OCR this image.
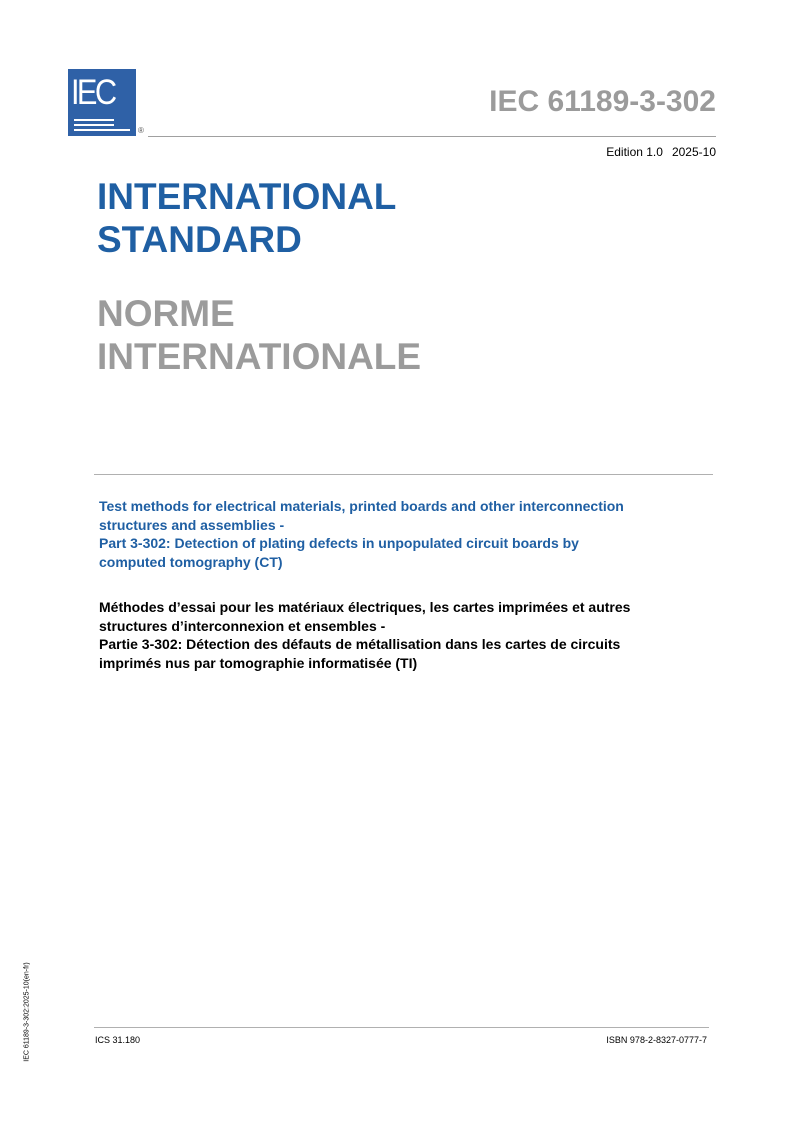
IEC
®
IEC 61189-3-302
Edition 1.0 2025-10
INTERNATIONAL
STANDARD
NORME
INTERNATIONALE
Test methods for electrical materials, printed boards and other interconnection
structures and assemblies -
Part 3-302: Detection of plating defects in unpopulated circuit boards by
computed tomography (CT)
Méthodes d’essai pour les matériaux électriques, les cartes imprimées et autres
structures d’interconnexion et ensembles -
Partie 3-302: Détection des défauts de métallisation dans les cartes de circuits
imprimés nus par tomographie informatisée (TI)
ICS 31.180	ISBN 978-2-8327-0777-7
IEC 61189-3-302:2025-10(en-fr)
